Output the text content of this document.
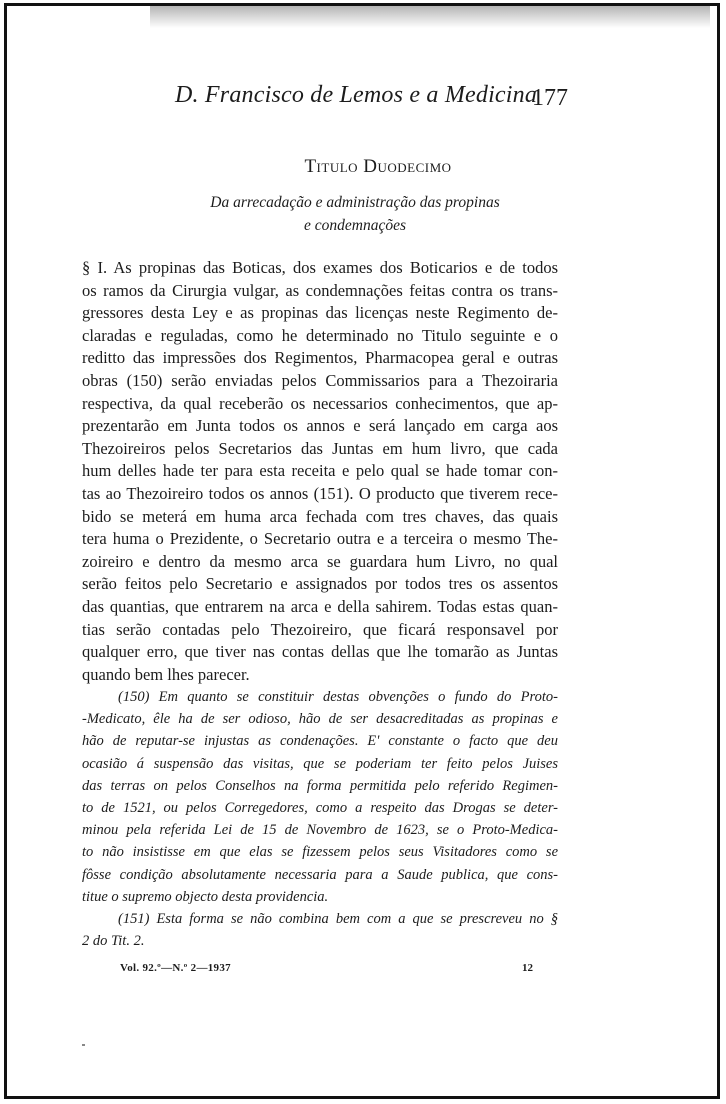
D. Francisco de Lemos e a Medicina
177
Titulo Duodecimo
Da arrecadação e administração das propinas
e condemnações
§ I. As propinas das Boticas, dos exames dos Boticarios e de todos
os ramos da Cirurgia vulgar, as condemnações feitas contra os trans-
gressores desta Ley e as propinas das licenças neste Regimento de-
claradas e reguladas, como he determinado no Titulo seguinte e o
reditto das impressões dos Regimentos, Pharmacopea geral e outras
obras (150) serão enviadas pelos Commissarios para a Thezoiraria
respectiva, da qual receberão os necessarios conhecimentos, que ap-
prezentarão em Junta todos os annos e será lançado em carga aos
Thezoireiros pelos Secretarios das Juntas em hum livro, que cada
hum delles hade ter para esta receita e pelo qual se hade tomar con-
tas ao Thezoireiro todos os annos (151). O producto que tiverem rece-
bido se meterá em huma arca fechada com tres chaves, das quais
tera huma o Prezidente, o Secretario outra e a terceira o mesmo The-
zoireiro e dentro da mesmo arca se guardara hum Livro, no qual
serão feitos pelo Secretario e assignados por todos tres os assentos
das quantias, que entrarem na arca e della sahirem. Todas estas quan-
tias serão contadas pelo Thezoireiro, que ficará responsavel por
qualquer erro, que tiver nas contas dellas que lhe tomarão as Juntas
quando bem lhes parecer.
(150) Em quanto se constituir destas obvenções o fundo do Proto-
-Medicato, êle ha de ser odioso, hão de ser desacreditadas as propinas e
hão de reputar-se injustas as condenações. E' constante o facto que deu
ocasião á suspensão das visitas, que se poderiam ter feito pelos Juises
das terras on pelos Conselhos na forma permitida pelo referido Regimen-
to de 1521, ou pelos Corregedores, como a respeito das Drogas se deter-
minou pela referida Lei de 15 de Novembro de 1623, se o Proto-Medica-
to não insistisse em que elas se fizessem pelos seus Visitadores como se
fôsse condição absolutamente necessaria para a Saude publica, que cons-
titue o supremo objecto desta providencia.
(151) Esta forma se não combina bem com a que se prescreveu no §
2 do Tit. 2.
Vol. 92.º—N.º 2—1937	12
